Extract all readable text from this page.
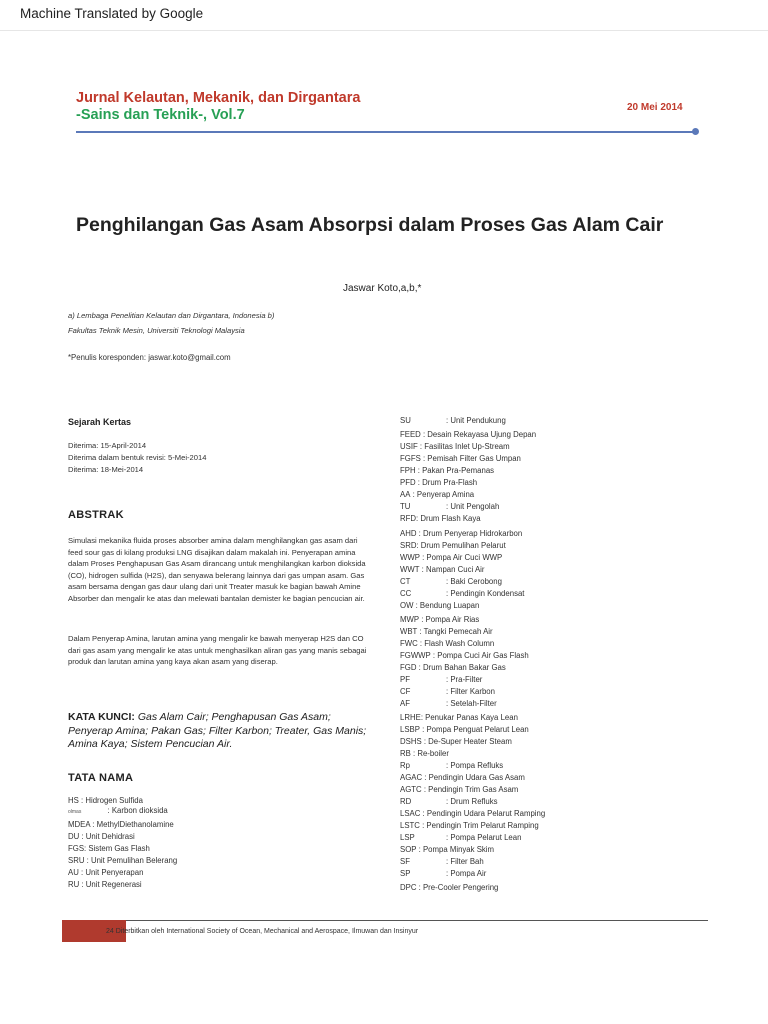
Machine Translated by Google
Jurnal Kelautan, Mekanik, dan Dirgantara
-Sains dan Teknik-, Vol.7	20 Mei 2014
Penghilangan Gas Asam Absorpsi dalam Proses Gas Alam Cair
Jaswar Koto,a,b,*
a) Lembaga Penelitian Kelautan dan Dirgantara, Indonesia b)
Fakultas Teknik Mesin, Universiti Teknologi Malaysia
*Penulis koresponden: jaswar.koto@gmail.com
Sejarah Kertas
Diterima: 15-April-2014
Diterima dalam bentuk revisi: 5-Mei-2014
Diterima: 18-Mei-2014
ABSTRAK
Simulasi mekanika fluida proses absorber amina dalam menghilangkan gas asam dari feed sour gas di kilang produksi LNG disajikan dalam makalah ini. Penyerapan amina dalam Proses Penghapusan Gas Asam dirancang untuk menghilangkan karbon dioksida (CO), hidrogen sulfida (H2S), dan senyawa belerang lainnya dari gas umpan asam. Gas asam bersama dengan gas daur ulang dari unit Treater masuk ke bagian bawah Amine Absorber dan mengalir ke atas dan melewati bantalan demister ke bagian pencucian air.
Dalam Penyerap Amina, larutan amina yang mengalir ke bawah menyerap H2S dan CO dari gas asam yang mengalir ke atas untuk menghasilkan aliran gas yang manis sebagai produk dan larutan amina yang kaya akan asam yang diserap.
KATA KUNCI: Gas Alam Cair; Penghapusan Gas Asam; Penyerap Amina; Pakan Gas; Filter Karbon; Treater, Gas Manis; Amina Kaya; Sistem Pencucian Air.
TATA NAMA
HS : Hidrogen Sulfida
olmas	: Karbon dioksida
MDEA : MethylDiethanolamine
DU : Unit Dehidrasi
FGS: Sistem Gas Flash
SRU : Unit Pemulihan Belerang
AU : Unit Penyerapan
RU : Unit Regenerasi
SU	: Unit Pendukung
FEED : Desain Rekayasa Ujung Depan
USIF : Fasilitas Inlet Up-Stream
FGFS : Pemisah Filter Gas Umpan
FPH : Pakan Pra-Pemanas
PFD : Drum Pra-Flash
AA : Penyerap Amina
TU	: Unit Pengolah
RFD: Drum Flash Kaya
AHD : Drum Penyerap Hidrokarbon
SRD: Drum Pemulihan Pelarut
WWP : Pompa Air Cuci WWP
WWT : Nampan Cuci Air
CT	: Baki Cerobong
CC	: Pendingin Kondensat
OW : Bendung Luapan
MWP : Pompa Air Rias
WBT : Tangki Pemecah Air
FWC : Flash Wash Column
FGWWP : Pompa Cuci Air Gas Flash
FGD : Drum Bahan Bakar Gas
PF	: Pra-Filter
CF	: Filter Karbon
AF	: Setelah-Filter
LRHE: Penukar Panas Kaya Lean
LSBP : Pompa Penguat Pelarut Lean
DSHS : De-Super Heater Steam
RB : Re-boiler
Rp	: Pompa Refluks
AGAC : Pendingin Udara Gas Asam
AGTC : Pendingin Trim Gas Asam
RD	: Drum Refluks
LSAC : Pendingin Udara Pelarut Ramping
LSTC : Pendingin Trim Pelarut Ramping
LSP	: Pompa Pelarut Lean
SOP : Pompa Minyak Skim
SF	: Filter Bah
SP	: Pompa Air
DPC : Pre-Cooler Pengering
24 Diterbitkan oleh International Society of Ocean, Mechanical and Aerospace, Ilmuwan dan Insinyur
